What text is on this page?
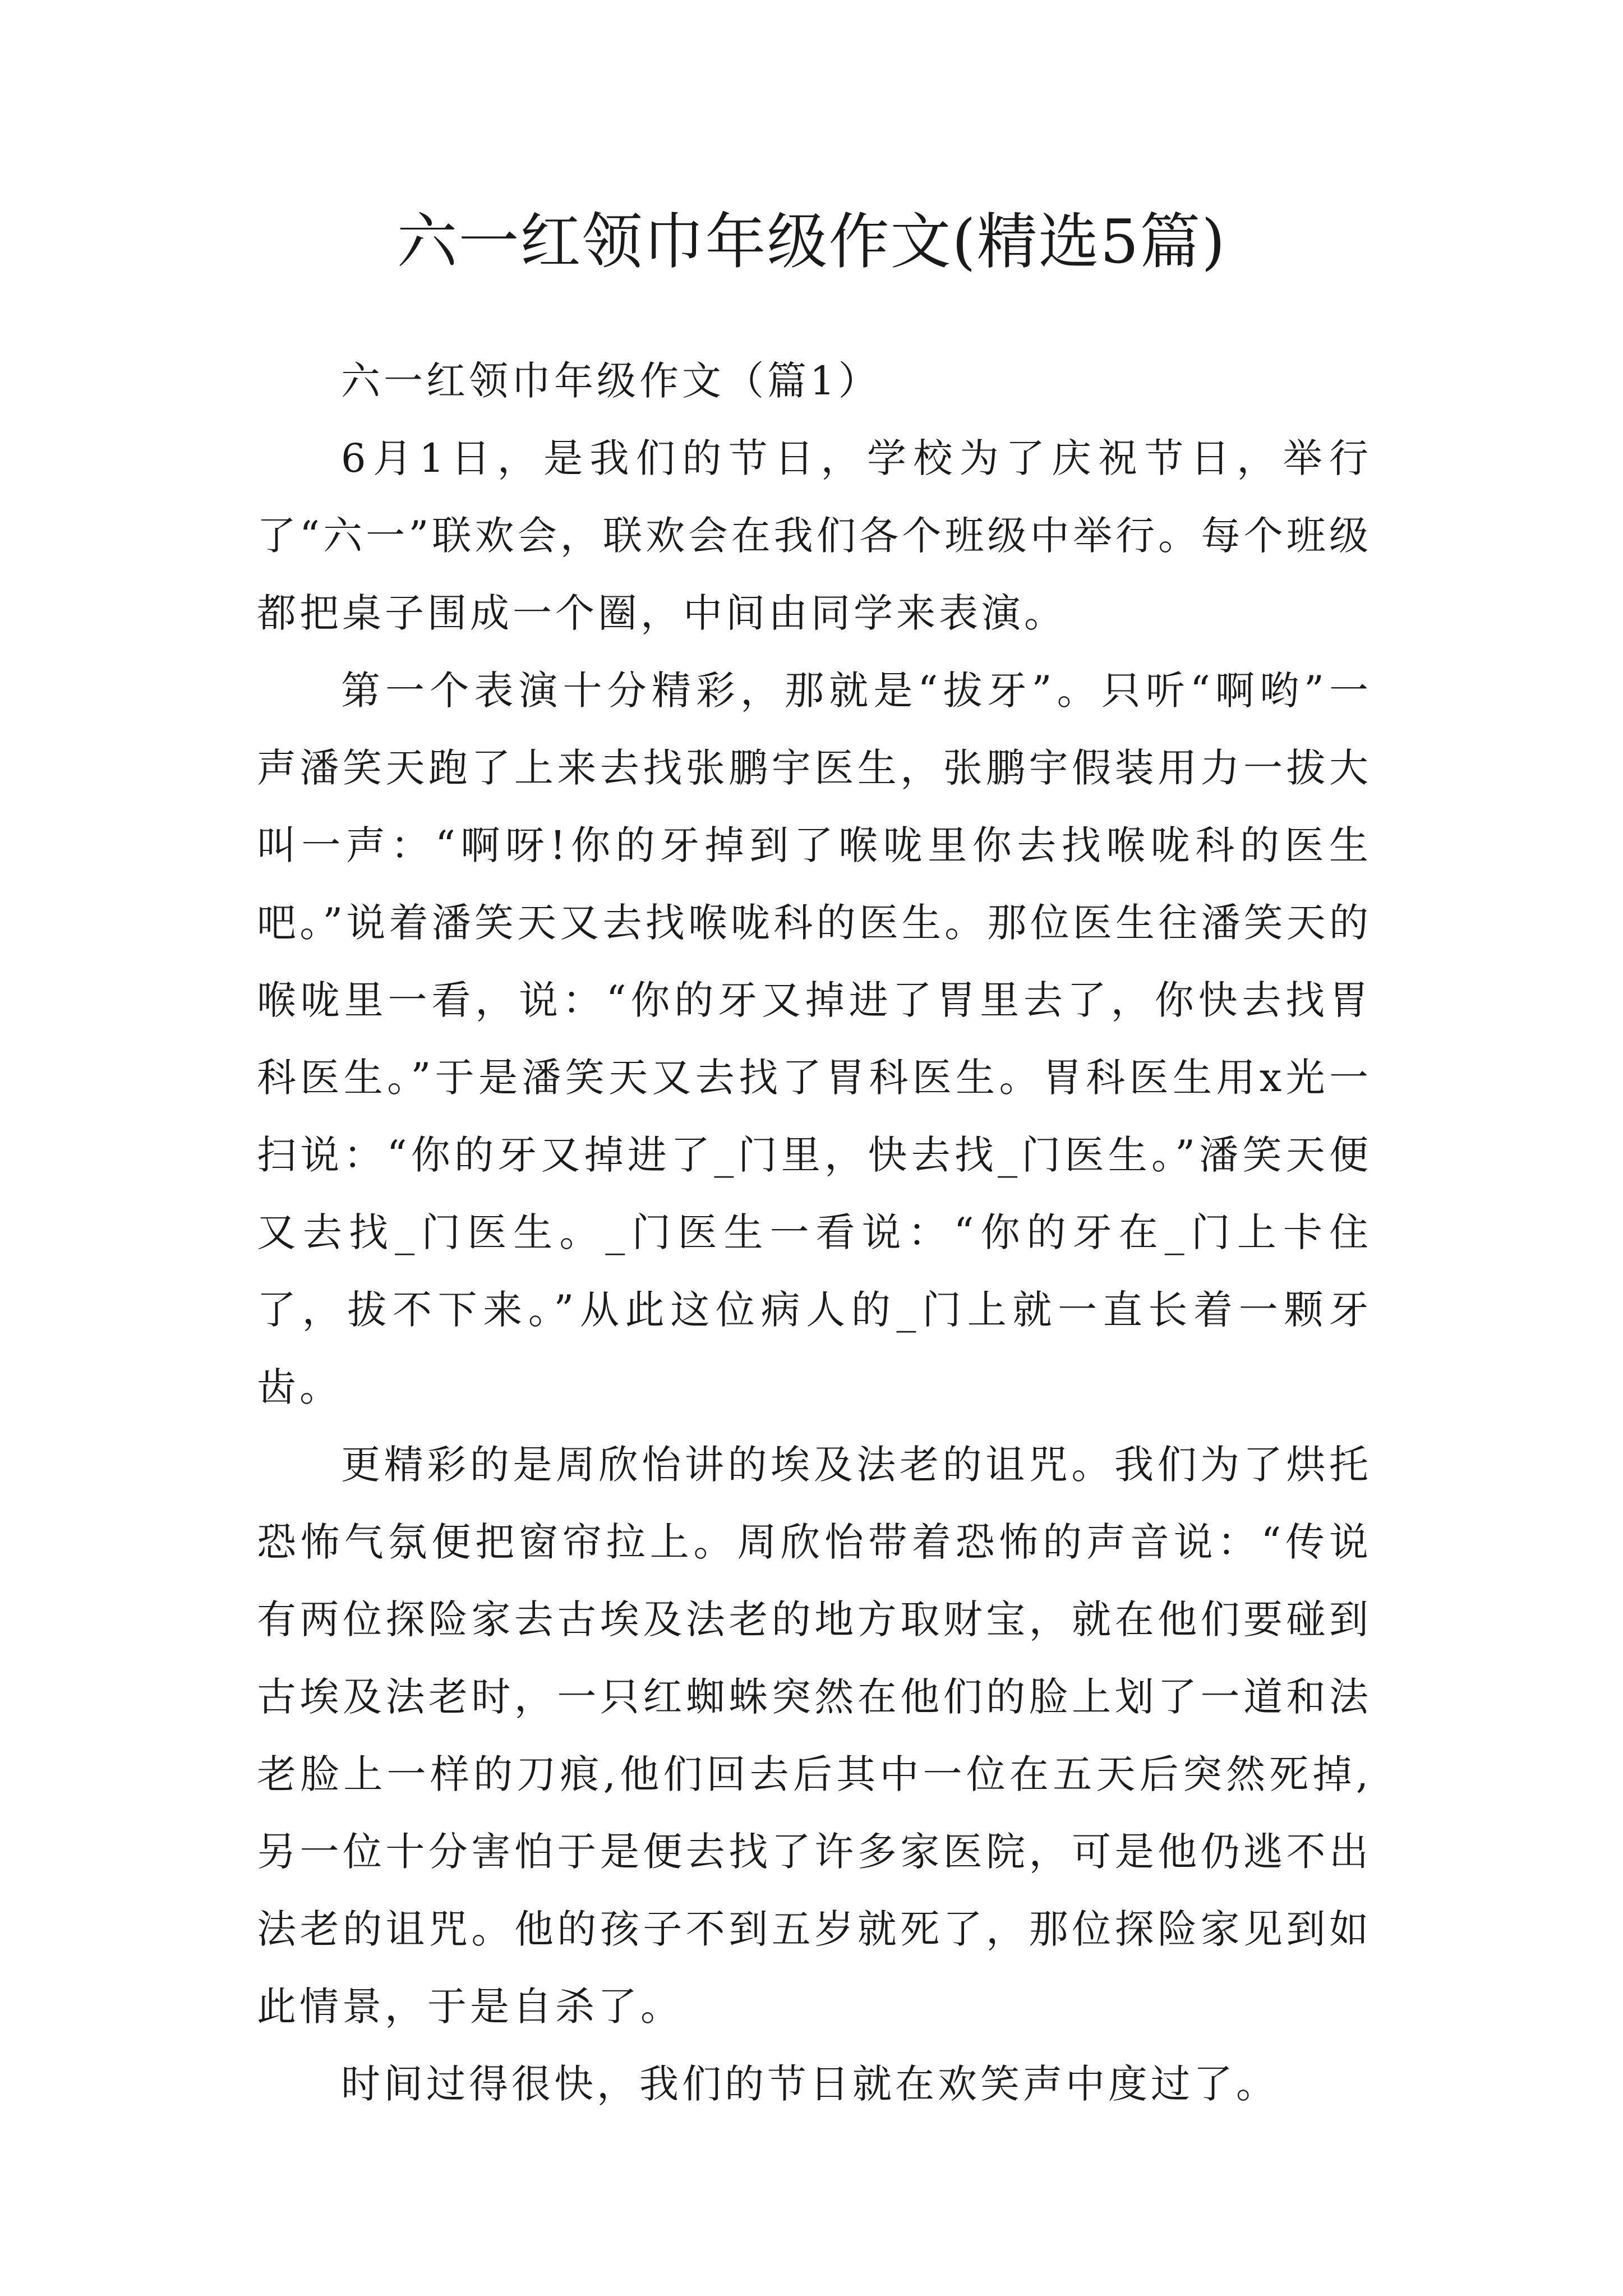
六一红领巾年级作文(精选5篇)

六一红领巾年级作文（篇1）

6月1日，是我们的节日，学校为了庆祝节日，举行了“六一”联欢会，联欢会在我们各个班级中举行。每个班级都把桌子围成一个圈，中间由同学来表演。

第一个表演十分精彩，那就是“拔牙”。只听“啊哟”一声潘笑天跑了上来去找张鹏宇医生，张鹏宇假装用力一拔大叫一声：“啊呀!你的牙掉到了喉咙里你去找喉咙科的医生吧。”说着潘笑天又去找喉咙科的医生。那位医生往潘笑天的喉咙里一看，说：“你的牙又掉进了胃里去了，你快去找胃科医生。”于是潘笑天又去找了胃科医生。胃科医生用x光一扫说：“你的牙又掉进了_门里，快去找_门医生。”潘笑天便又去找_门医生。_门医生一看说：“你的牙在_门上卡住了，拔不下来。”从此这位病人的_门上就一直长着一颗牙齿。

更精彩的是周欣怡讲的埃及法老的诅咒。我们为了烘托恐怖气氛便把窗帘拉上。周欣怡带着恐怖的声音说：“传说有两位探险家去古埃及法老的地方取财宝，就在他们要碰到古埃及法老时，一只红蜘蛛突然在他们的脸上划了一道和法老脸上一样的刀痕,他们回去后其中一位在五天后突然死掉,另一位十分害怕于是便去找了许多家医院，可是他仍逃不出法老的诅咒。他的孩子不到五岁就死了，那位探险家见到如此情景，于是自杀了。

时间过得很快，我们的节日就在欢笑声中度过了。
